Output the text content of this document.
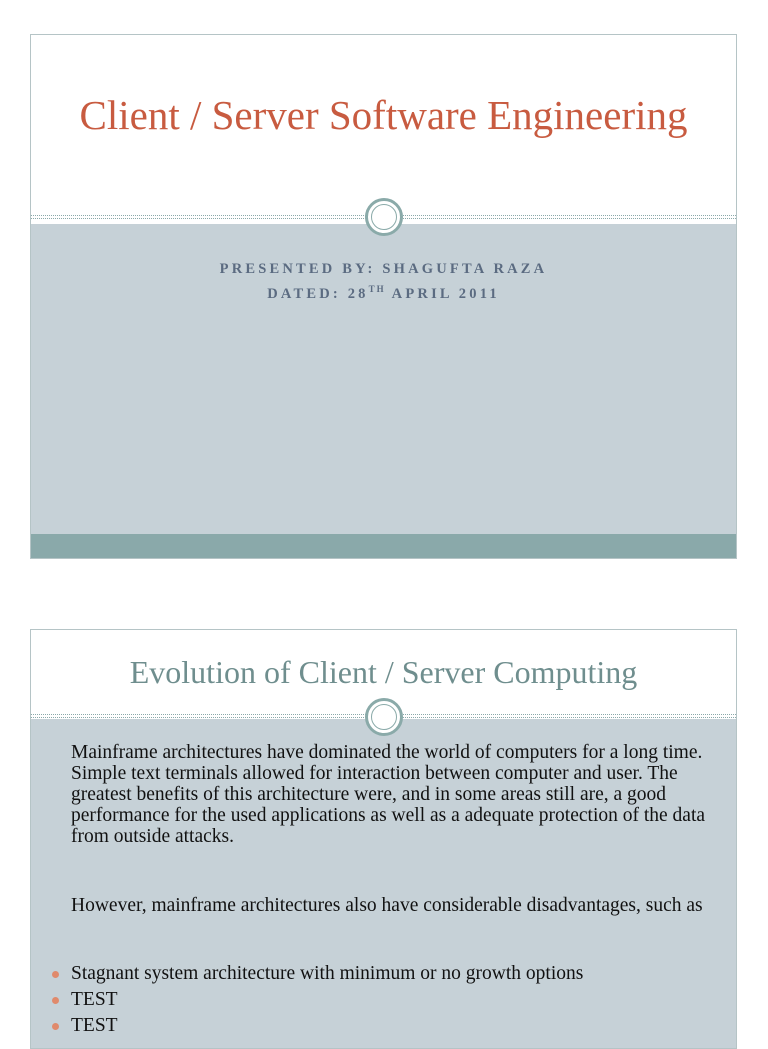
Client / Server Software Engineering

PRESENTED BY: SHAGUFTA RAZA

DATED: 28TH APRIL 2011

Evolution of Client / Server Computing

Mainframe architectures have dominated the world of computers for a long time. Simple text terminals allowed for interaction between computer and user. The greatest benefits of this architecture were, and in some areas still are, a good performance for the used applications as well as a adequate protection of the data from outside attacks.

However, mainframe architectures also have considerable disadvantages, such as

Stagnant system architecture with minimum or no growth options
TEST
TEST
